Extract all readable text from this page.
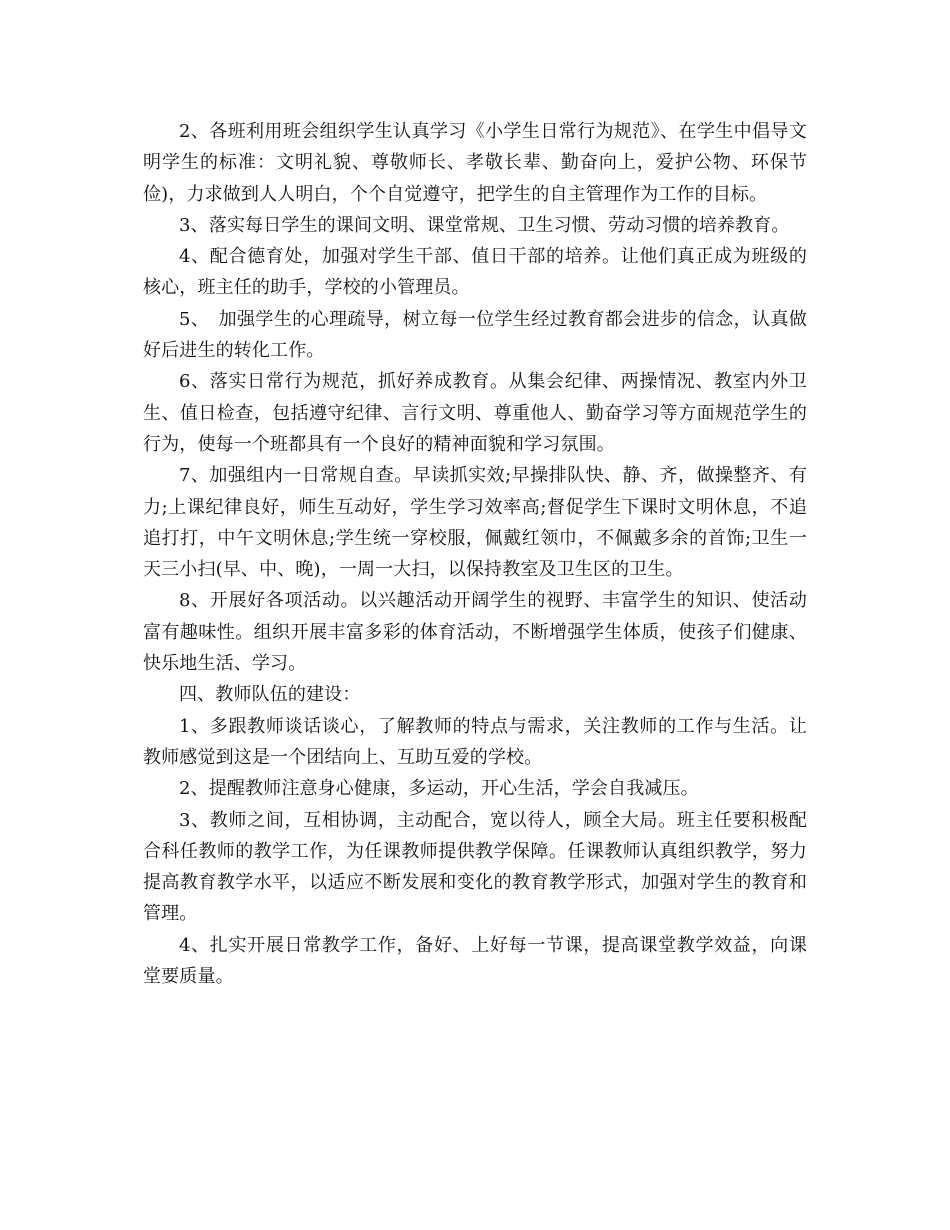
2、各班利用班会组织学生认真学习《小学生日常行为规范》、在学生中倡导文明学生的标准：文明礼貌、尊敬师长、孝敬长辈、勤奋向上，爱护公物、环保节俭)，力求做到人人明白，个个自觉遵守，把学生的自主管理作为工作的目标。

3、落实每日学生的课间文明、课堂常规、卫生习惯、劳动习惯的培养教育。

4、配合德育处，加强对学生干部、值日干部的培养。让他们真正成为班级的核心，班主任的助手，学校的小管理员。

5、　加强学生的心理疏导，树立每一位学生经过教育都会进步的信念，认真做好后进生的转化工作。

6、落实日常行为规范，抓好养成教育。从集会纪律、两操情况、教室内外卫生、值日检查，包括遵守纪律、言行文明、尊重他人、勤奋学习等方面规范学生的行为，使每一个班都具有一个良好的精神面貌和学习氛围。

7、加强组内一日常规自查。早读抓实效;早操排队快、静、齐，做操整齐、有力;上课纪律良好，师生互动好，学生学习效率高;督促学生下课时文明休息，不追追打打，中午文明休息;学生统一穿校服，佩戴红领巾，不佩戴多余的首饰;卫生一天三小扫(早、中、晚)，一周一大扫，以保持教室及卫生区的卫生。

8、开展好各项活动。以兴趣活动开阔学生的视野、丰富学生的知识、使活动富有趣味性。组织开展丰富多彩的体育活动，不断增强学生体质，使孩子们健康、快乐地生活、学习。

四、教师队伍的建设：

1、多跟教师谈话谈心，了解教师的特点与需求，关注教师的工作与生活。让教师感觉到这是一个团结向上、互助互爱的学校。

2、提醒教师注意身心健康，多运动，开心生活，学会自我减压。

3、教师之间，互相协调，主动配合，宽以待人，顾全大局。班主任要积极配合科任教师的教学工作，为任课教师提供教学保障。任课教师认真组织教学，努力提高教育教学水平，以适应不断发展和变化的教育教学形式，加强对学生的教育和管理。

4、扎实开展日常教学工作，备好、上好每一节课，提高课堂教学效益，向课堂要质量。
